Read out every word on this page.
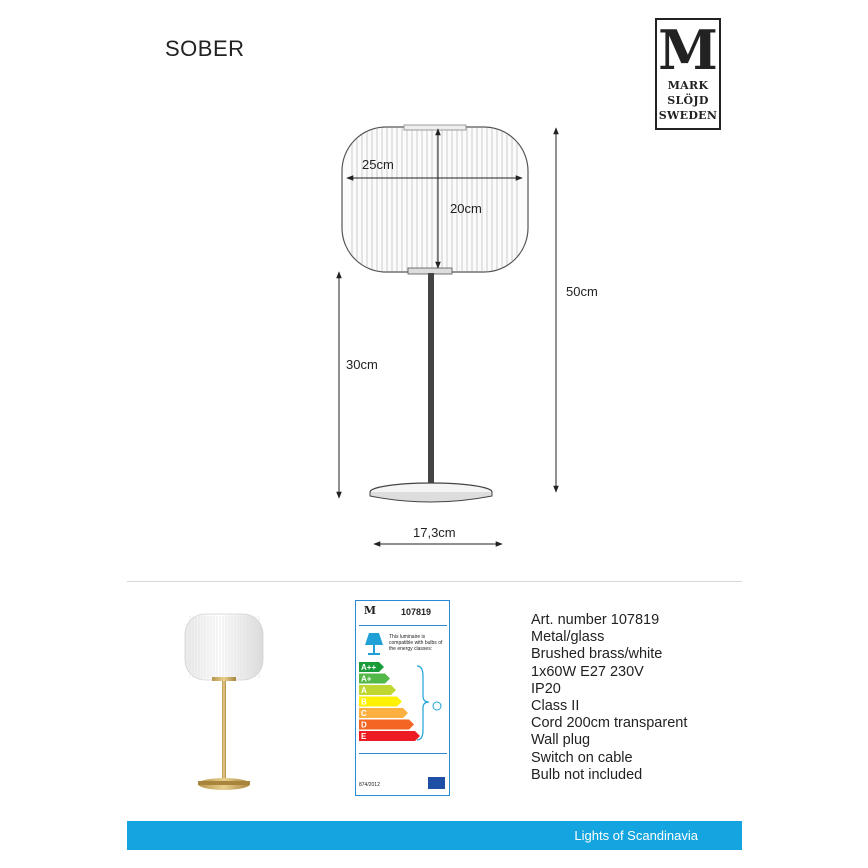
SOBER	M
MARK
SLÖJD
SWEDEN
25cm
20cm
50cm
30cm
17,3cm
M	107819
This luminaire is compatible with bulbs of the energy classes:
A++
A+
A
B
C
D
E
874/2012
Art. number 107819
Metal/glass
Brushed brass/white
1x60W E27 230V
IP20
Class II
Cord 200cm transparent
Wall plug
Switch on cable
Bulb not included
Lights of Scandinavia
